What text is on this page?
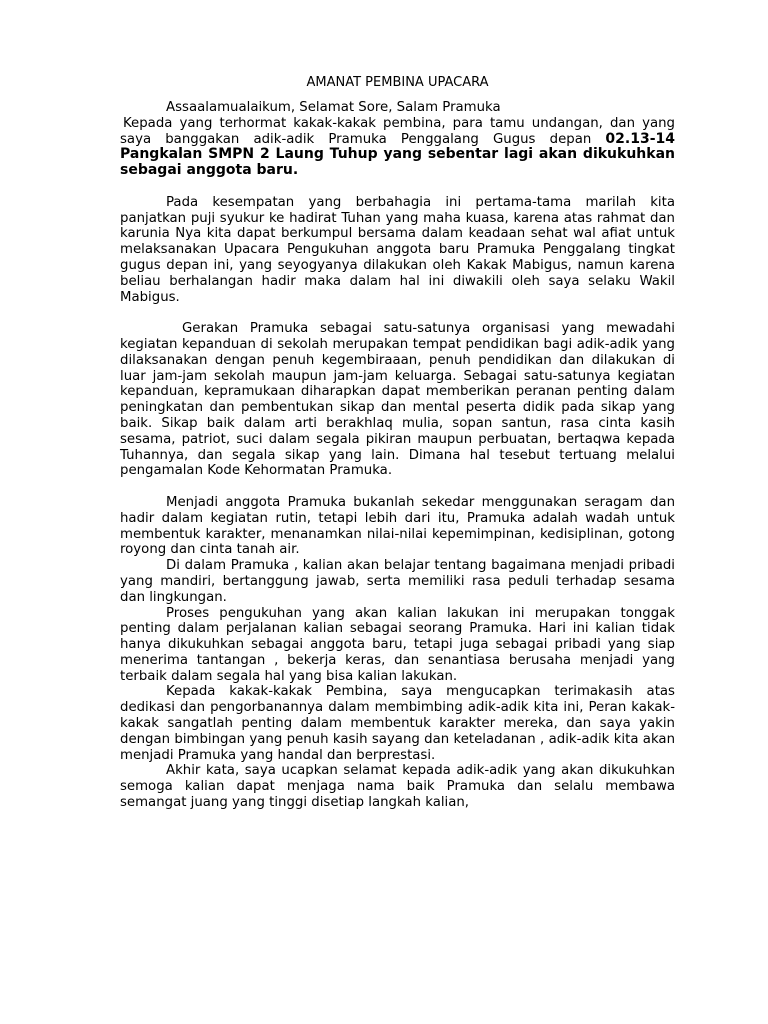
AMANAT PEMBINA UPACARA

Assaalamualaikum, Selamat Sore, Salam Pramuka

Kepada yang terhormat kakak-kakak pembina, para tamu undangan, dan yang saya banggakan adik-adik Pramuka Penggalang Gugus depan 02.13-14 Pangkalan SMPN 2 Laung Tuhup yang sebentar lagi akan dikukuhkan sebagai anggota baru.

Pada kesempatan yang berbahagia ini pertama-tama marilah kita panjatkan puji syukur ke hadirat Tuhan yang maha kuasa, karena atas rahmat dan karunia Nya kita dapat berkumpul bersama dalam keadaan sehat wal afiat untuk melaksanakan Upacara Pengukuhan anggota baru Pramuka Penggalang tingkat gugus depan ini, yang seyogyanya dilakukan oleh Kakak Mabigus, namun karena beliau berhalangan hadir maka dalam hal ini diwakili oleh saya selaku Wakil Mabigus.

Gerakan Pramuka sebagai satu-satunya organisasi yang mewadahi kegiatan kepanduan di sekolah merupakan tempat pendidikan bagi adik-adik yang dilaksanakan dengan penuh kegembiraaan, penuh pendidikan dan dilakukan di luar jam-jam sekolah maupun jam-jam keluarga. Sebagai satu-satunya kegiatan kepanduan, kepramukaan diharapkan dapat memberikan peranan penting dalam peningkatan dan pembentukan sikap dan mental peserta didik pada sikap yang baik. Sikap baik dalam arti berakhlaq mulia, sopan santun, rasa cinta kasih sesama, patriot, suci dalam segala pikiran maupun perbuatan, bertaqwa kepada Tuhannya, dan segala sikap yang lain. Dimana hal tesebut tertuang melalui pengamalan Kode Kehormatan Pramuka.

Menjadi anggota Pramuka bukanlah sekedar menggunakan seragam dan hadir dalam kegiatan rutin, tetapi lebih dari itu, Pramuka adalah wadah untuk membentuk karakter, menanamkan nilai-nilai kepemimpinan, kedisiplinan, gotong royong dan cinta tanah air.

Di dalam Pramuka , kalian akan belajar tentang bagaimana menjadi pribadi yang mandiri, bertanggung jawab, serta memiliki rasa peduli terhadap sesama dan lingkungan.

Proses pengukuhan yang akan kalian lakukan ini merupakan tonggak penting dalam perjalanan kalian sebagai seorang Pramuka. Hari ini kalian tidak hanya dikukuhkan sebagai anggota baru, tetapi juga sebagai pribadi yang siap menerima tantangan , bekerja keras, dan senantiasa berusaha menjadi yang terbaik dalam segala hal yang bisa kalian lakukan.

Kepada kakak-kakak Pembina, saya mengucapkan terimakasih atas dedikasi dan pengorbanannya dalam membimbing adik-adik kita ini, Peran kakak-kakak sangatlah penting dalam membentuk karakter mereka, dan saya yakin dengan bimbingan yang penuh kasih sayang dan keteladanan , adik-adik kita akan menjadi Pramuka yang handal dan berprestasi.

Akhir kata, saya ucapkan selamat kepada adik-adik yang akan dikukuhkan semoga kalian dapat menjaga nama baik Pramuka dan selalu membawa semangat juang yang tinggi disetiap langkah kalian,
